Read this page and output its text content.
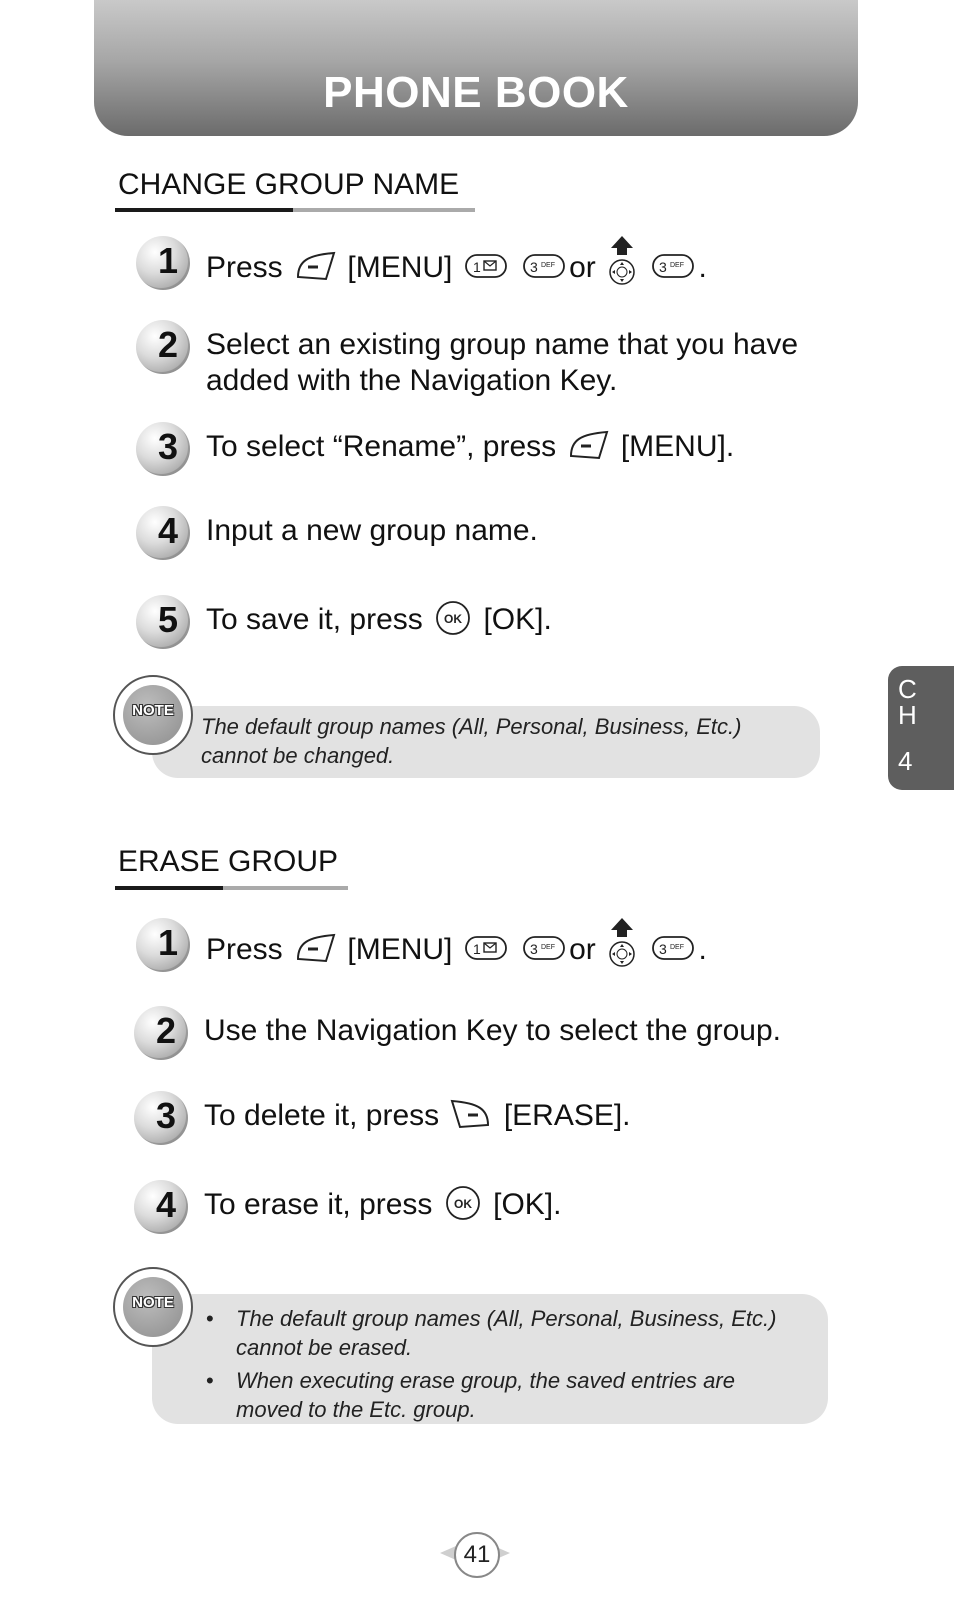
PHONE BOOK
C
H
4
CHANGE GROUP NAME
1 Press [MENU] 1
	3 DEF or	3 DEF .
2 Select an existing group name that you have added with the Navigation Key.
3 To select “Rename”, press [MENU].
4 Input a new group name.
5 To save it, press OK [OK].
NOTE
The default group names (All, Personal, Business, Etc.) cannot be changed.
ERASE GROUP
1 Press [MENU] 1
	3 DEF or	3 DEF .
2 Use the Navigation Key to select the group.
3 To delete it, press [ERASE].
4 To erase it, press OK [OK].
NOTE
• The default group names (All, Personal, Business, Etc.) cannot be erased.
• When executing erase group, the saved entries are moved to the Etc. group.
41
